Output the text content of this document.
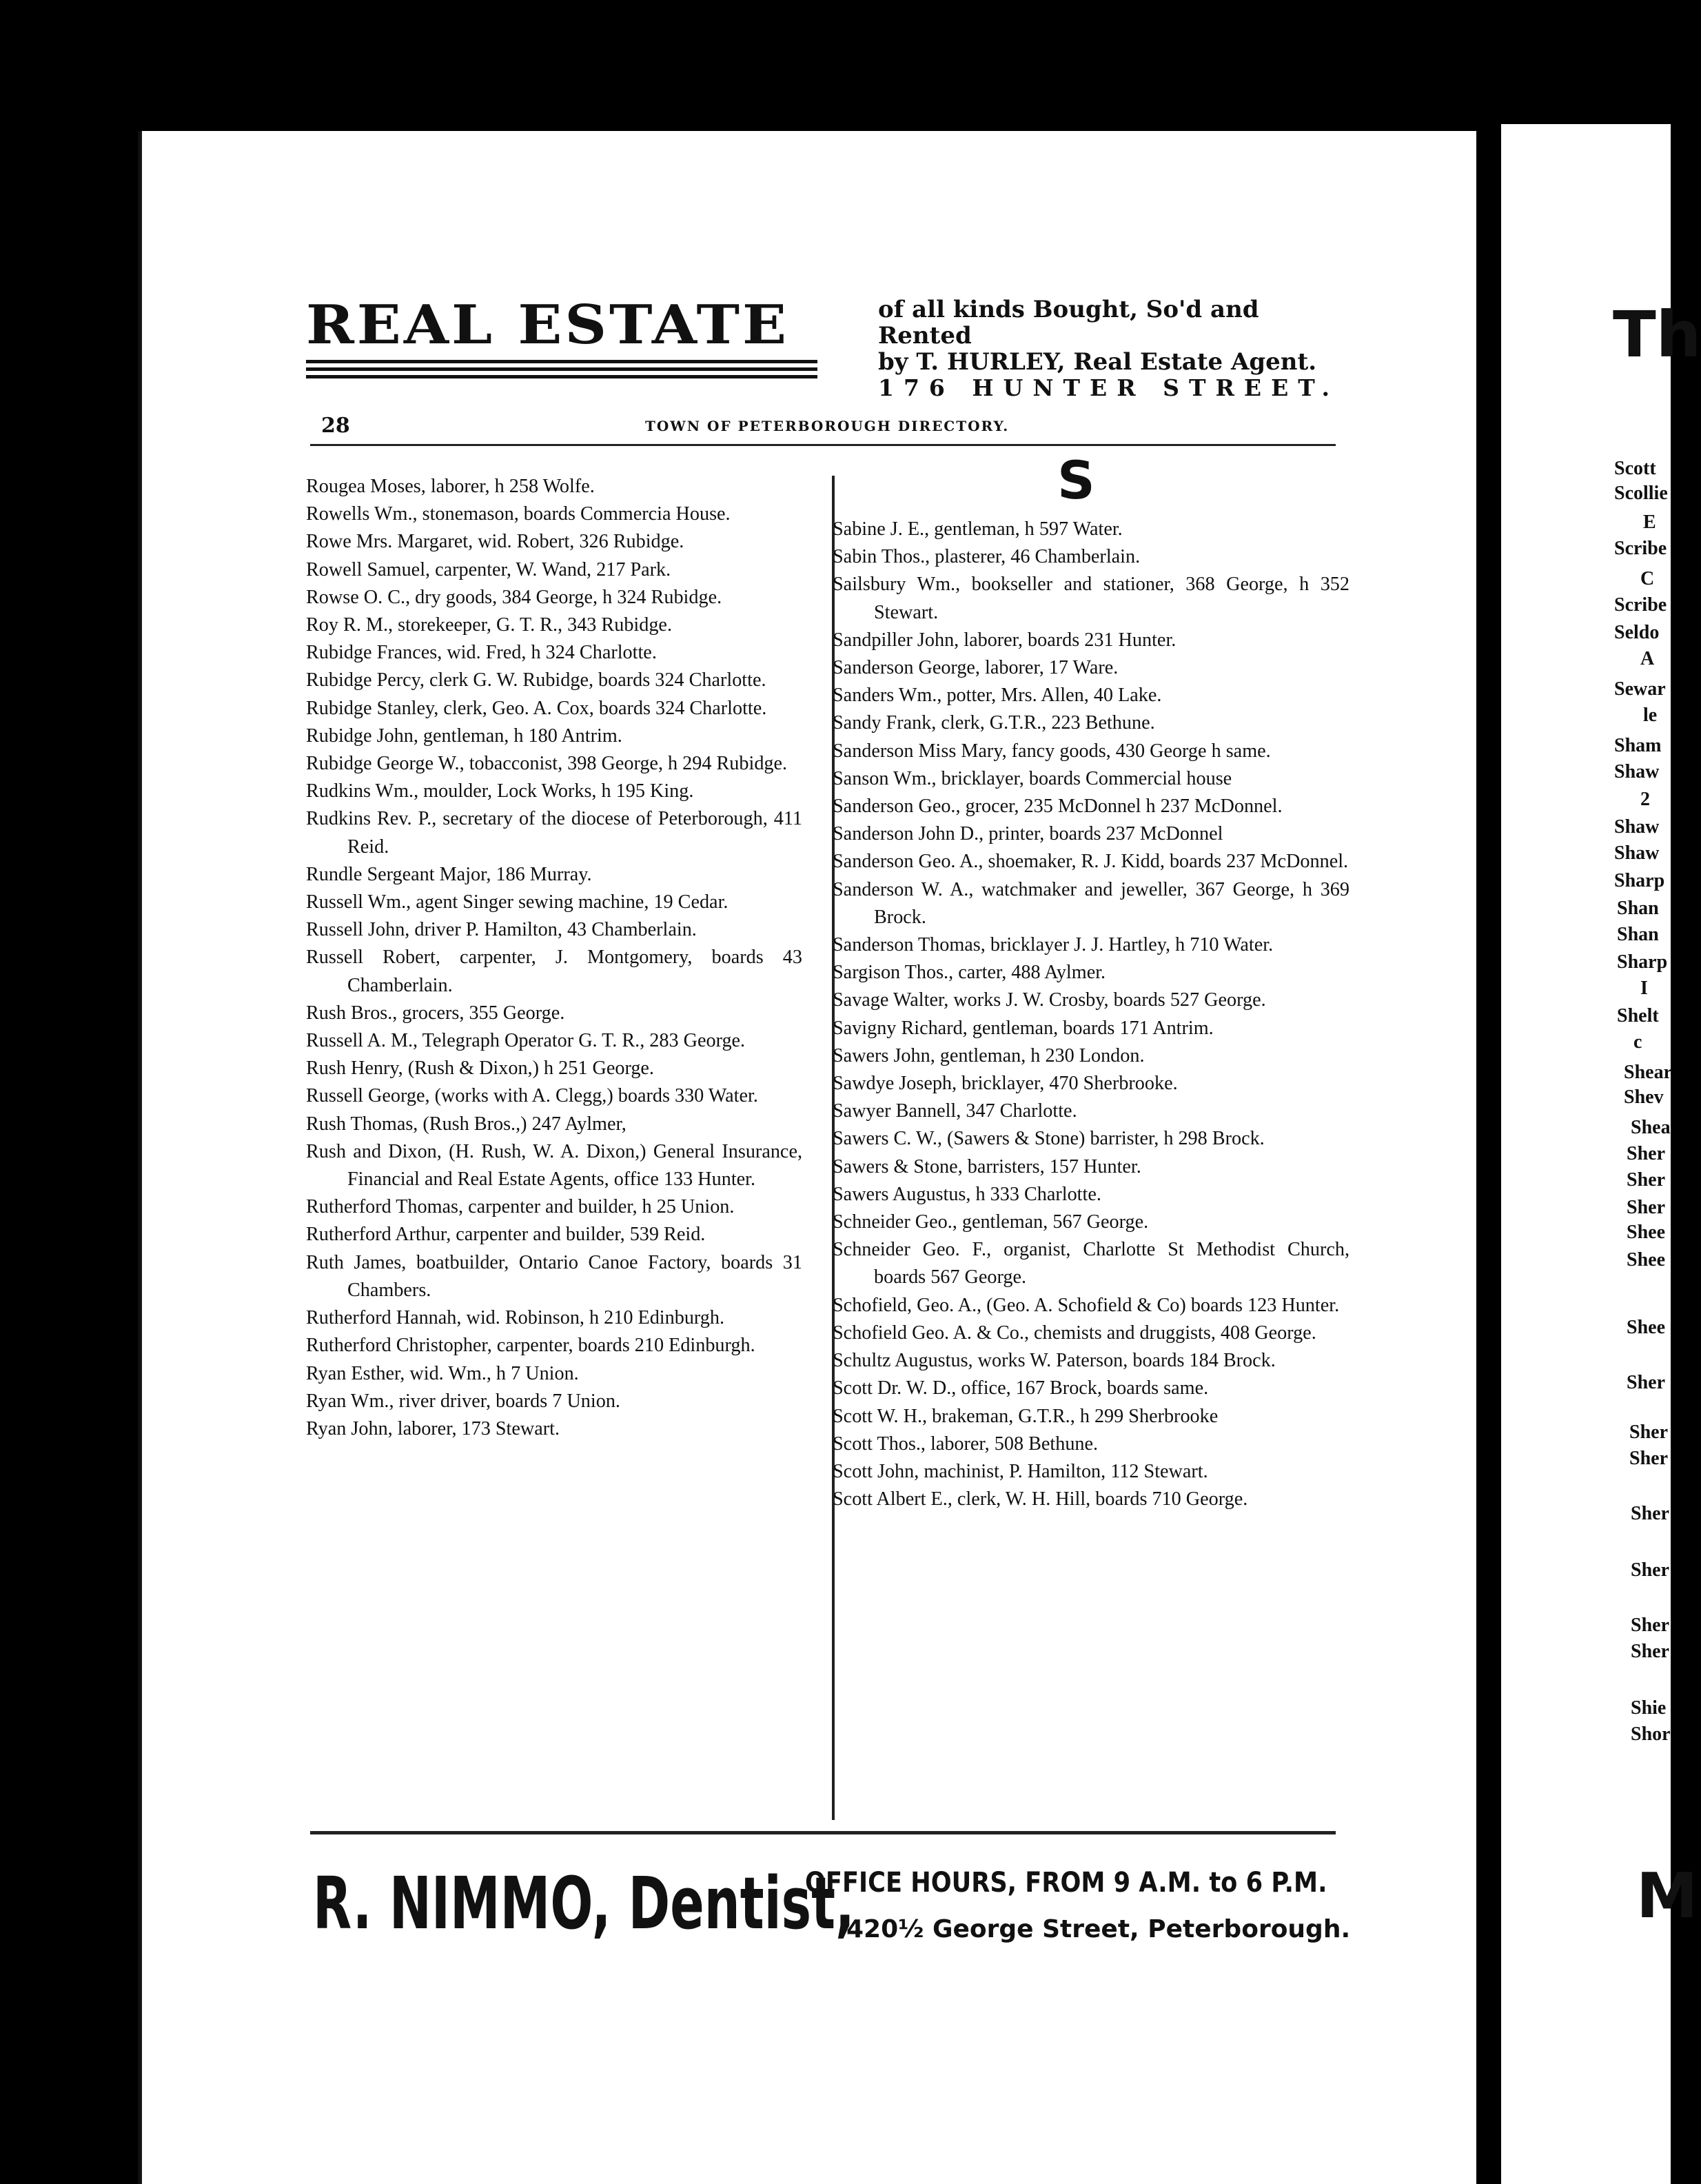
REAL ESTATE	of all kinds Bought, So'd and Rented
by T. HURLEY, Real Estate Agent.
176 HUNTER STREET.
28	TOWN OF PETERBOROUGH DIRECTORY.
S
Rougea Moses, laborer, h 258 Wolfe.
Rowells Wm., stonemason, boards Commercia House.
Rowe Mrs. Margaret, wid. Robert, 326 Rubidge.
Rowell Samuel, carpenter, W. Wand, 217 Park.
Rowse O. C., dry goods, 384 George, h 324 Rubidge.
Roy R. M., storekeeper, G. T. R., 343 Rubidge.
Rubidge Frances, wid. Fred, h 324 Charlotte.
Rubidge Percy, clerk G. W. Rubidge, boards 324 Charlotte.
Rubidge Stanley, clerk, Geo. A. Cox, boards 324 Charlotte.
Rubidge John, gentleman, h 180 Antrim.
Rubidge George W., tobacconist, 398 George, h 294 Rubidge.
Rudkins Wm., moulder, Lock Works, h 195 King.
Rudkins Rev. P., secretary of the diocese of Peterborough, 411 Reid.
Rundle Sergeant Major, 186 Murray.
Russell Wm., agent Singer sewing machine, 19 Cedar.
Russell John, driver P. Hamilton, 43 Chamberlain.
Russell Robert, carpenter, J. Montgomery, boards 43 Chamberlain.
Rush Bros., grocers, 355 George.
Russell A. M., Telegraph Operator G. T. R., 283 George.
Rush Henry, (Rush & Dixon,) h 251 George.
Russell George, (works with A. Clegg,) boards 330 Water.
Rush Thomas, (Rush Bros.,) 247 Aylmer,
Rush and Dixon, (H. Rush, W. A. Dixon,) General Insurance, Financial and Real Estate Agents, office 133 Hunter.
Rutherford Thomas, carpenter and builder, h 25 Union.
Rutherford Arthur, carpenter and builder, 539 Reid.
Ruth James, boatbuilder, Ontario Canoe Factory, boards 31 Chambers.
Rutherford Hannah, wid. Robinson, h 210 Edinburgh.
Rutherford Christopher, carpenter, boards 210 Edinburgh.
Ryan Esther, wid. Wm., h 7 Union.
Ryan Wm., river driver, boards 7 Union.
Ryan John, laborer, 173 Stewart.
Sabine J. E., gentleman, h 597 Water.
Sabin Thos., plasterer, 46 Chamberlain.
Sailsbury Wm., bookseller and stationer, 368 George, h 352 Stewart.
Sandpiller John, laborer, boards 231 Hunter.
Sanderson George, laborer, 17 Ware.
Sanders Wm., potter, Mrs. Allen, 40 Lake.
Sandy Frank, clerk, G.T.R., 223 Bethune.
Sanderson Miss Mary, fancy goods, 430 George h same.
Sanson Wm., bricklayer, boards Commercial house
Sanderson Geo., grocer, 235 McDonnel h 237 McDonnel.
Sanderson John D., printer, boards 237 McDonnel
Sanderson Geo. A., shoemaker, R. J. Kidd, boards 237 McDonnel.
Sanderson W. A., watchmaker and jeweller, 367 George, h 369 Brock.
Sanderson Thomas, bricklayer J. J. Hartley, h 710 Water.
Sargison Thos., carter, 488 Aylmer.
Savage Walter, works J. W. Crosby, boards 527 George.
Savigny Richard, gentleman, boards 171 Antrim.
Sawers John, gentleman, h 230 London.
Sawdye Joseph, bricklayer, 470 Sherbrooke.
Sawyer Bannell, 347 Charlotte.
Sawers C. W., (Sawers & Stone) barrister, h 298 Brock.
Sawers & Stone, barristers, 157 Hunter.
Sawers Augustus, h 333 Charlotte.
Schneider Geo., gentleman, 567 George.
Schneider Geo. F., organist, Charlotte St Methodist Church, boards 567 George.
Schofield, Geo. A., (Geo. A. Schofield & Co) boards 123 Hunter.
Schofield Geo. A. & Co., chemists and druggists, 408 George.
Schultz Augustus, works W. Paterson, boards 184 Brock.
Scott Dr. W. D., office, 167 Brock, boards same.
Scott W. H., brakeman, G.T.R., h 299 Sherbrooke
Scott Thos., laborer, 508 Bethune.
Scott John, machinist, P. Hamilton, 112 Stewart.
Scott Albert E., clerk, W. H. Hill, boards 710 George.
R. NIMMO, Dentist,
OFFICE HOURS, FROM 9 A.M. to 6 P.M.
420½ George Street, Peterborough.
Th
Scott
Scollie
E
Scribe
C
Scribe
Seldo
A
Sewar
le
Sham
Shaw
2
Shaw
Shaw
Sharp
Shan
Shan
Sharp
I
Shelt
c
Shear
Shev
Shea
Sher
Sher
Sher
Shee
Shee
Shee
Sher
Sher
Sher
Sher
Sher
Sher
Sher
Shie
Shor
M
